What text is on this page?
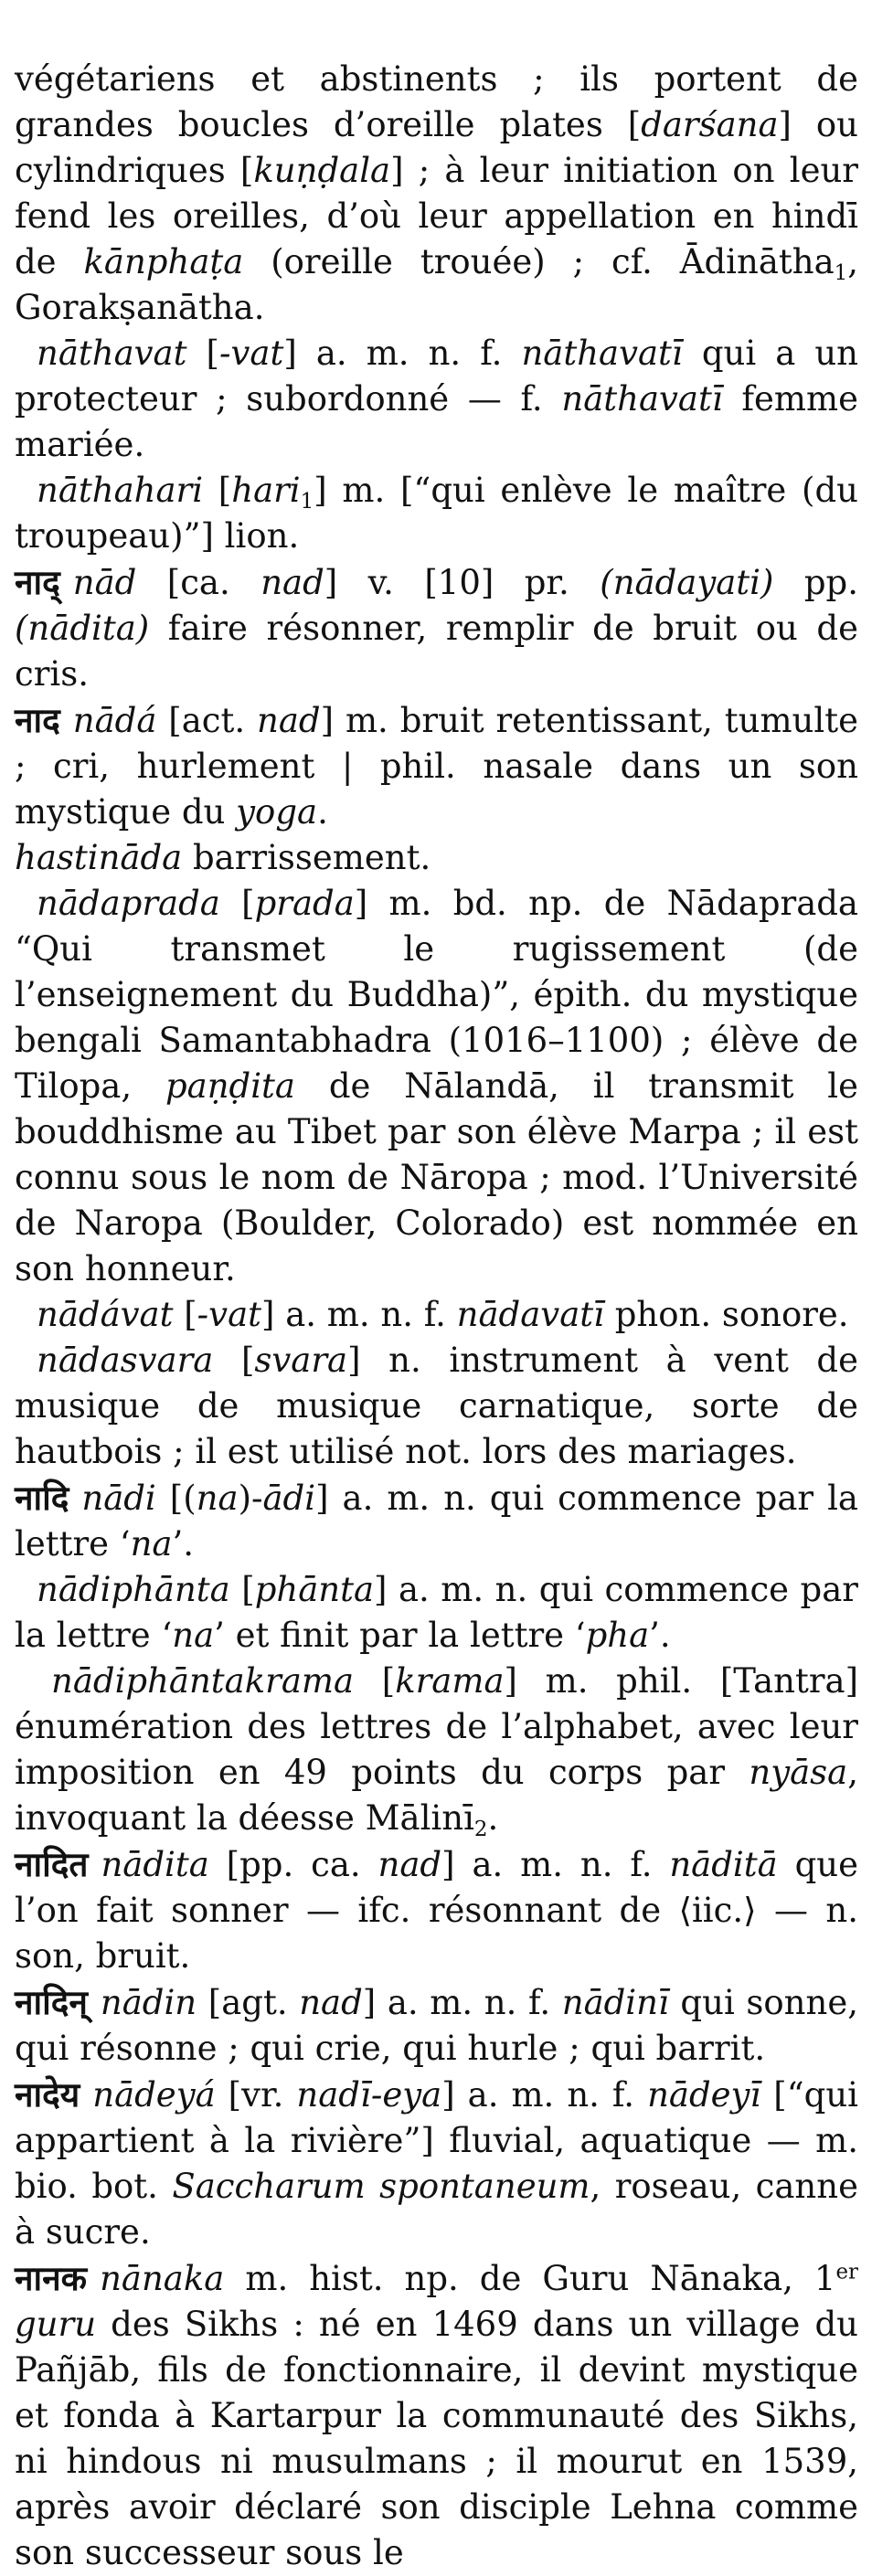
végétariens et abstinents ; ils portent de grandes boucles d’oreille plates [darśana] ou cylindriques [kuṇḍala] ; à leur initiation on leur fend les oreilles, d’où leur appellation en hindī de kānphaṭa (oreille trouée) ; cf. Ādinātha$_1$, Gorakṣanātha.

nāthavat [-vat] a. m. n. f. nāthavatī qui a un protecteur ; subordonné — f. nāthavatī femme mariée.

nāthahari [hari$_1$] m. [“qui enlève le maître (du troupeau)”] lion.

नाद् nād [ca. nad] v. [10] pr. (nādayati) pp. (nādita) faire résonner, remplir de bruit ou de cris.

नाद nādá [act. nad] m. bruit retentissant, tumulte ; cri, hurlement | phil. nasale dans un son mystique du yoga.

hastināda barrissement.

nādaprada [prada] m. bd. np. de Nādaprada “Qui transmet le rugissement (de l’enseignement du Buddha)”, épith. du mystique bengali Samantabhadra (1016–1100) ; élève de Tilopa, paṇḍita de Nālandā, il transmit le bouddhisme au Tibet par son élève Marpa ; il est connu sous le nom de Nāropa ; mod. l’Université de Naropa (Boulder, Colorado) est nommée en son honneur.

nādávat [-vat] a. m. n. f. nādavatī phon. sonore.

nādasvara [svara] n. instrument à vent de musique de musique carnatique, sorte de hautbois ; il est utilisé not. lors des mariages.

नादि nādi [(na)-ādi] a. m. n. qui commence par la lettre ‘na’.

nādiphānta [phānta] a. m. n. qui commence par la lettre ‘na’ et finit par la lettre ‘pha’.

nādiphāntakrama [krama] m. phil. [Tantra] énumération des lettres de l’alphabet, avec leur imposition en 49 points du corps par nyāsa, invoquant la déesse Mālinī$_2$.

नादित nādita [pp. ca. nad] a. m. n. f. nāditā que l’on fait sonner — ifc. résonnant de ⟨iic.⟩ — n. son, bruit.

नादिन् nādin [agt. nad] a. m. n. f. nādinī qui sonne, qui résonne ; qui crie, qui hurle ; qui barrit.

नादेय nādeyá [vr. nadī-eya] a. m. n. f. nādeyī [“qui appartient à la rivière”] fluvial, aquatique — m. bio. bot. Saccharum spontaneum, roseau, canne à sucre.

नानक nānaka m. hist. np. de Guru Nānaka, 1er guru des Sikhs : né en 1469 dans un village du Pañjāb, fils de fonctionnaire, il devint mystique et fonda à Kartarpur la communauté des Sikhs, ni hindous ni musulmans ; il mourut en 1539, après avoir déclaré son disciple Lehna comme son successeur sous le
